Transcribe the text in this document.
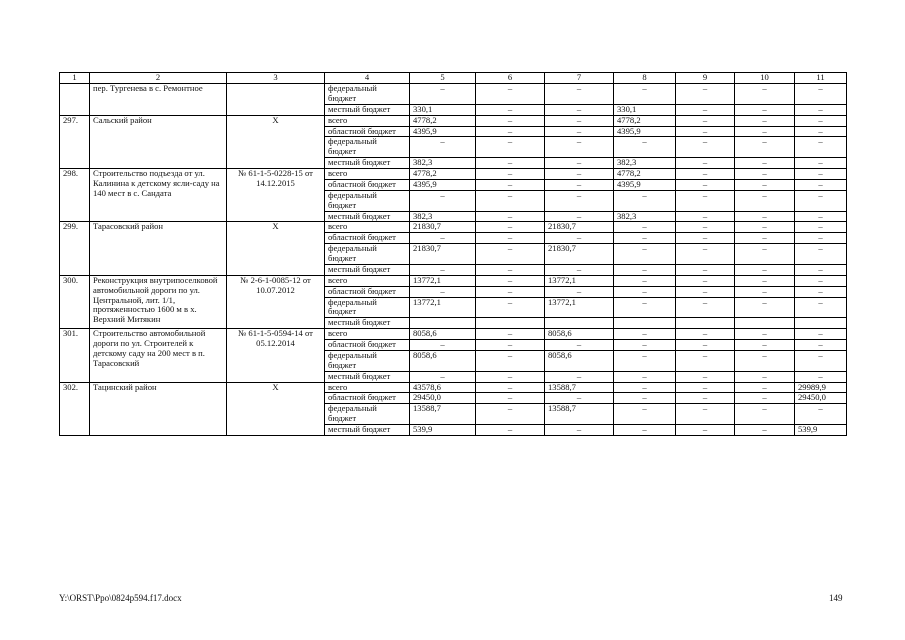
1	2	3	4	5	6	7	8	9	10	11
	пер. Тургенева в с. Ремонтное		федеральный бюджет	–	–	–	–	–	–	–
			местный бюджет	330,1	–	–	330,1	–	–	–
297.	Сальский район	Х	всего	4778,2	–	–	4778,2	–	–	–
			областной бюджет	4395,9	–	–	4395,9	–	–	–
			федеральный бюджет	–	–	–	–	–	–	–
			местный бюджет	382,3	–	–	382,3	–	–	–
298.	Строительство подъезда от ул. Калинина к детскому ясли-саду на 140 мест в с. Сандата	№ 61-1-5-0228-15 от 14.12.2015	всего	4778,2	–	–	4778,2	–	–	–
			областной бюджет	4395,9	–	–	4395,9	–	–	–
			федеральный бюджет	–	–	–	–	–	–	–
			местный бюджет	382,3	–	–	382,3	–	–	–
299.	Тарасовский район	Х	всего	21830,7	–	21830,7	–	–	–	–
			областной бюджет	–	–	–	–	–	–	–
			федеральный бюджет	21830,7	–	21830,7	–	–	–	–
			местный бюджет	–	–	–	–	–	–	–
300.	Реконструкция внутрипоселковой автомобильной дороги по ул. Центральной, лит. 1/1, протяженностью 1600 м в х. Верхний Митякин	№ 2-6-1-0085-12 от 10.07.2012	всего	13772,1	–	13772,1	–	–	–	–
			областной бюджет	–	–	–	–	–	–	–
			федеральный бюджет	13772,1	–	13772,1	–	–	–	–
			местный бюджет							
301.	Строительство автомобильной дороги по ул. Строителей к детскому саду на 200 мест в п. Тарасовский	№ 61-1-5-0594-14 от 05.12.2014	всего	8058,6	–	8058,6	–	–	–	–
			областной бюджет	–	–	–	–	–	–	–
			федеральный бюджет	8058,6	–	8058,6	–	–	–	–
			местный бюджет	–	–	–	–	–	–	–
302.	Тацинский район	Х	всего	43578,6	–	13588,7	–	–	–	29989,9
			областной бюджет	29450,0	–	–	–	–	–	29450,0
			федеральный бюджет	13588,7	–	13588,7	–	–	–	–
			местный бюджет	539,9	–	–	–	–	–	539,9
Y:\ORST\Ppo\0824p594.f17.docx	149
